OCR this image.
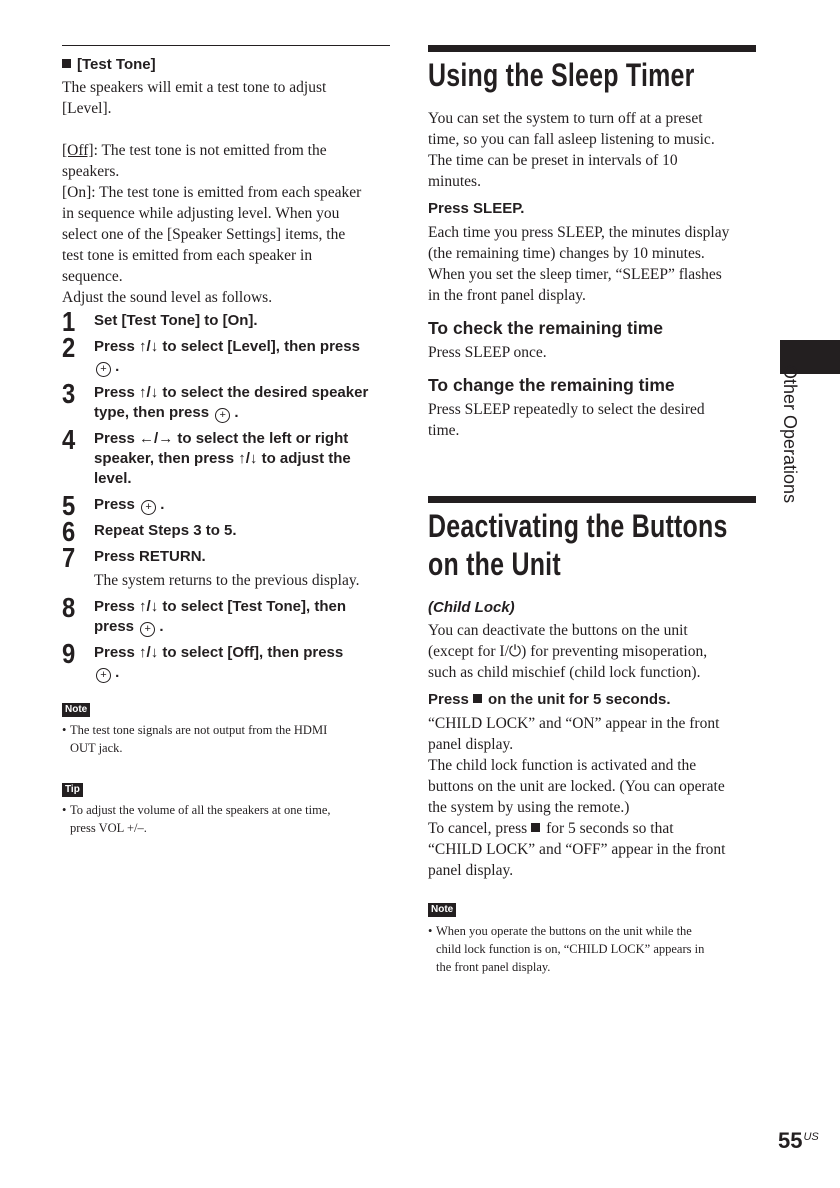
[Test Tone]

The speakers will emit a test tone to adjust

[Level].

[Off]: The test tone is not emitted from the

speakers.

[On]: The test tone is emitted from each speaker

in sequence while adjusting level. When you

select one of the [Speaker Settings] items, the

test tone is emitted from each speaker in

sequence.

Adjust the sound level as follows.

1 Set [Test Tone] to [On].
2 Press ↑/↓ to select [Level], then press
+ .
3 Press ↑/↓ to select the desired speaker
type, then press + .
4 Press ←/→ to select the left or right
speaker, then press ↑/↓ to adjust the
level.
5 Press + .
6 Repeat Steps 3 to 5.
7 Press RETURN.
The system returns to the previous display.
8 Press ↑/↓ to select [Test Tone], then
press + .
9 Press ↑/↓ to select [Off], then press
+ .
Note
• The test tone signals are not output from the HDMI
OUT jack.
Tip
• To adjust the volume of all the speakers at one time,
press VOL +/–.
Using the Sleep Timer

You can set the system to turn off at a preset

time, so you can fall asleep listening to music.

The time can be preset in intervals of 10

minutes.

Press SLEEP.

Each time you press SLEEP, the minutes display

(the remaining time) changes by 10 minutes.

When you set the sleep timer, “SLEEP” flashes

in the front panel display.

To check the remaining time

Press SLEEP once.

To change the remaining time

Press SLEEP repeatedly to select the desired

time.

Deactivating the Buttons
on the Unit
(Child Lock)

You can deactivate the buttons on the unit

(except for I/⏻) for preventing misoperation,

such as child mischief (child lock function).

Press on the unit for 5 seconds.

“CHILD LOCK” and “ON” appear in the front

panel display.

The child lock function is activated and the

buttons on the unit are locked. (You can operate

the system by using the remote.)

To cancel, press for 5 seconds so that

“CHILD LOCK” and “OFF” appear in the front

panel display.

Note
• When you operate the buttons on the unit while the
child lock function is on, “CHILD LOCK” appears in
the front panel display.
Other Operations
$55^{US}$
